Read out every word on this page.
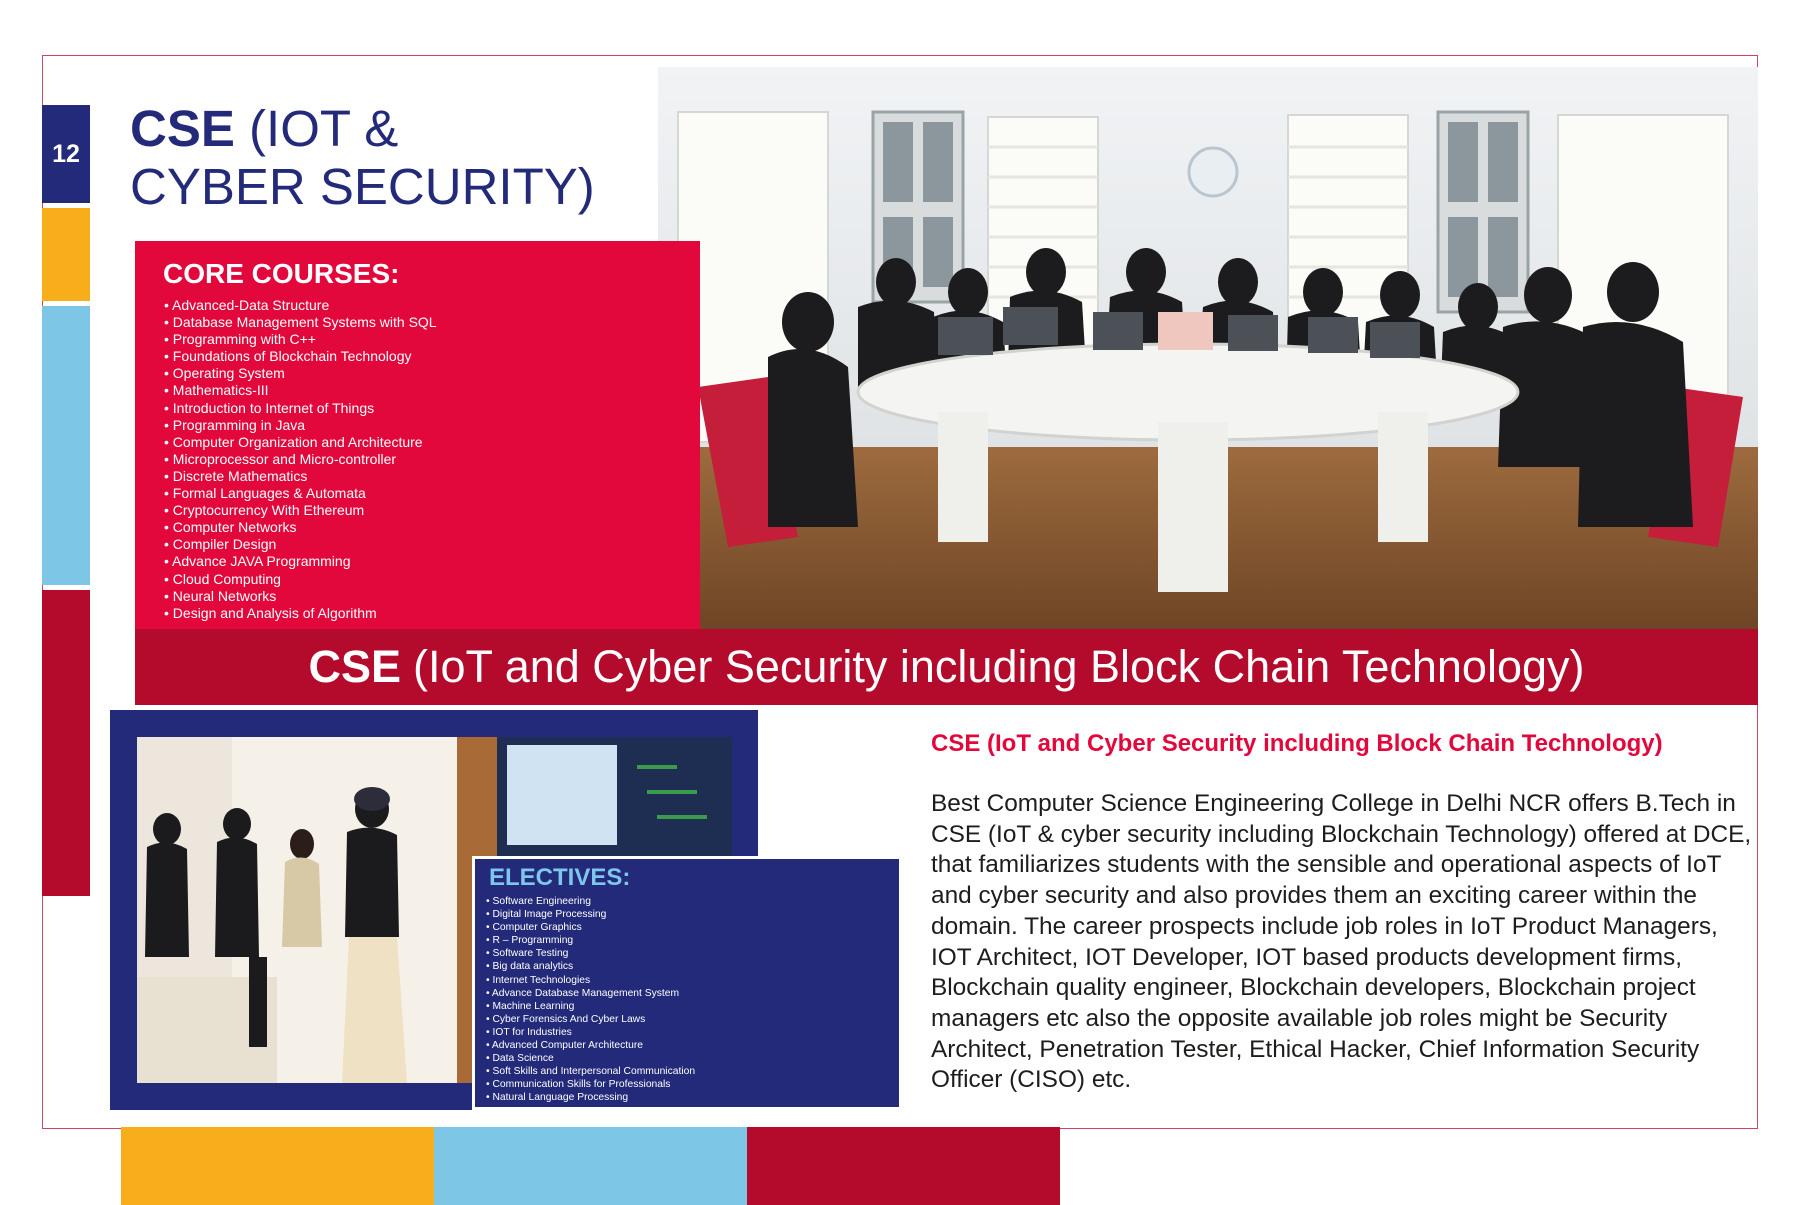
12 CSE (IOT &
CYBER SECURITY)
CORE COURSES:
• Advanced-Data Structure
• Database Management Systems with SQL
• Programming with C++
• Foundations of Blockchain Technology
• Operating System
• Mathematics-III
• Introduction to Internet of Things
• Programming in Java
• Computer Organization and Architecture
• Microprocessor and Micro-controller
• Discrete Mathematics
• Formal Languages & Automata
• Cryptocurrency With Ethereum
• Computer Networks
• Compiler Design
• Advance JAVA Programming
• Cloud Computing
• Neural Networks
• Design and Analysis of Algorithm
CSE (IoT and Cyber Security including Block Chain Technology)
ELECTIVES:
• Software Engineering
• Digital Image Processing
• Computer Graphics
• R – Programming
• Software Testing
• Big data analytics
• Internet Technologies
• Advance Database Management System
• Machine Learning
• Cyber Forensics And Cyber Laws
• IOT for Industries
• Advanced Computer Architecture
• Data Science
• Soft Skills and Interpersonal Communication
• Communication Skills for Professionals
• Natural Language Processing
CSE (IoT and Cyber Security including Block Chain Technology)
Best Computer Science Engineering College in Delhi NCR offers B.Tech in CSE (IoT & cyber security including Blockchain Technology) offered at DCE, that familiarizes students with the sensible and operational aspects of IoT and cyber security and also provides them an exciting career within the domain. The career prospects include job roles in IoT Product Managers, IOT Architect, IOT Developer, IOT based products development firms, Blockchain quality engineer, Blockchain developers, Blockchain project managers etc also the opposite available job roles might be Security Architect, Penetration Tester, Ethical Hacker, Chief Information Security Officer (CISO) etc.
